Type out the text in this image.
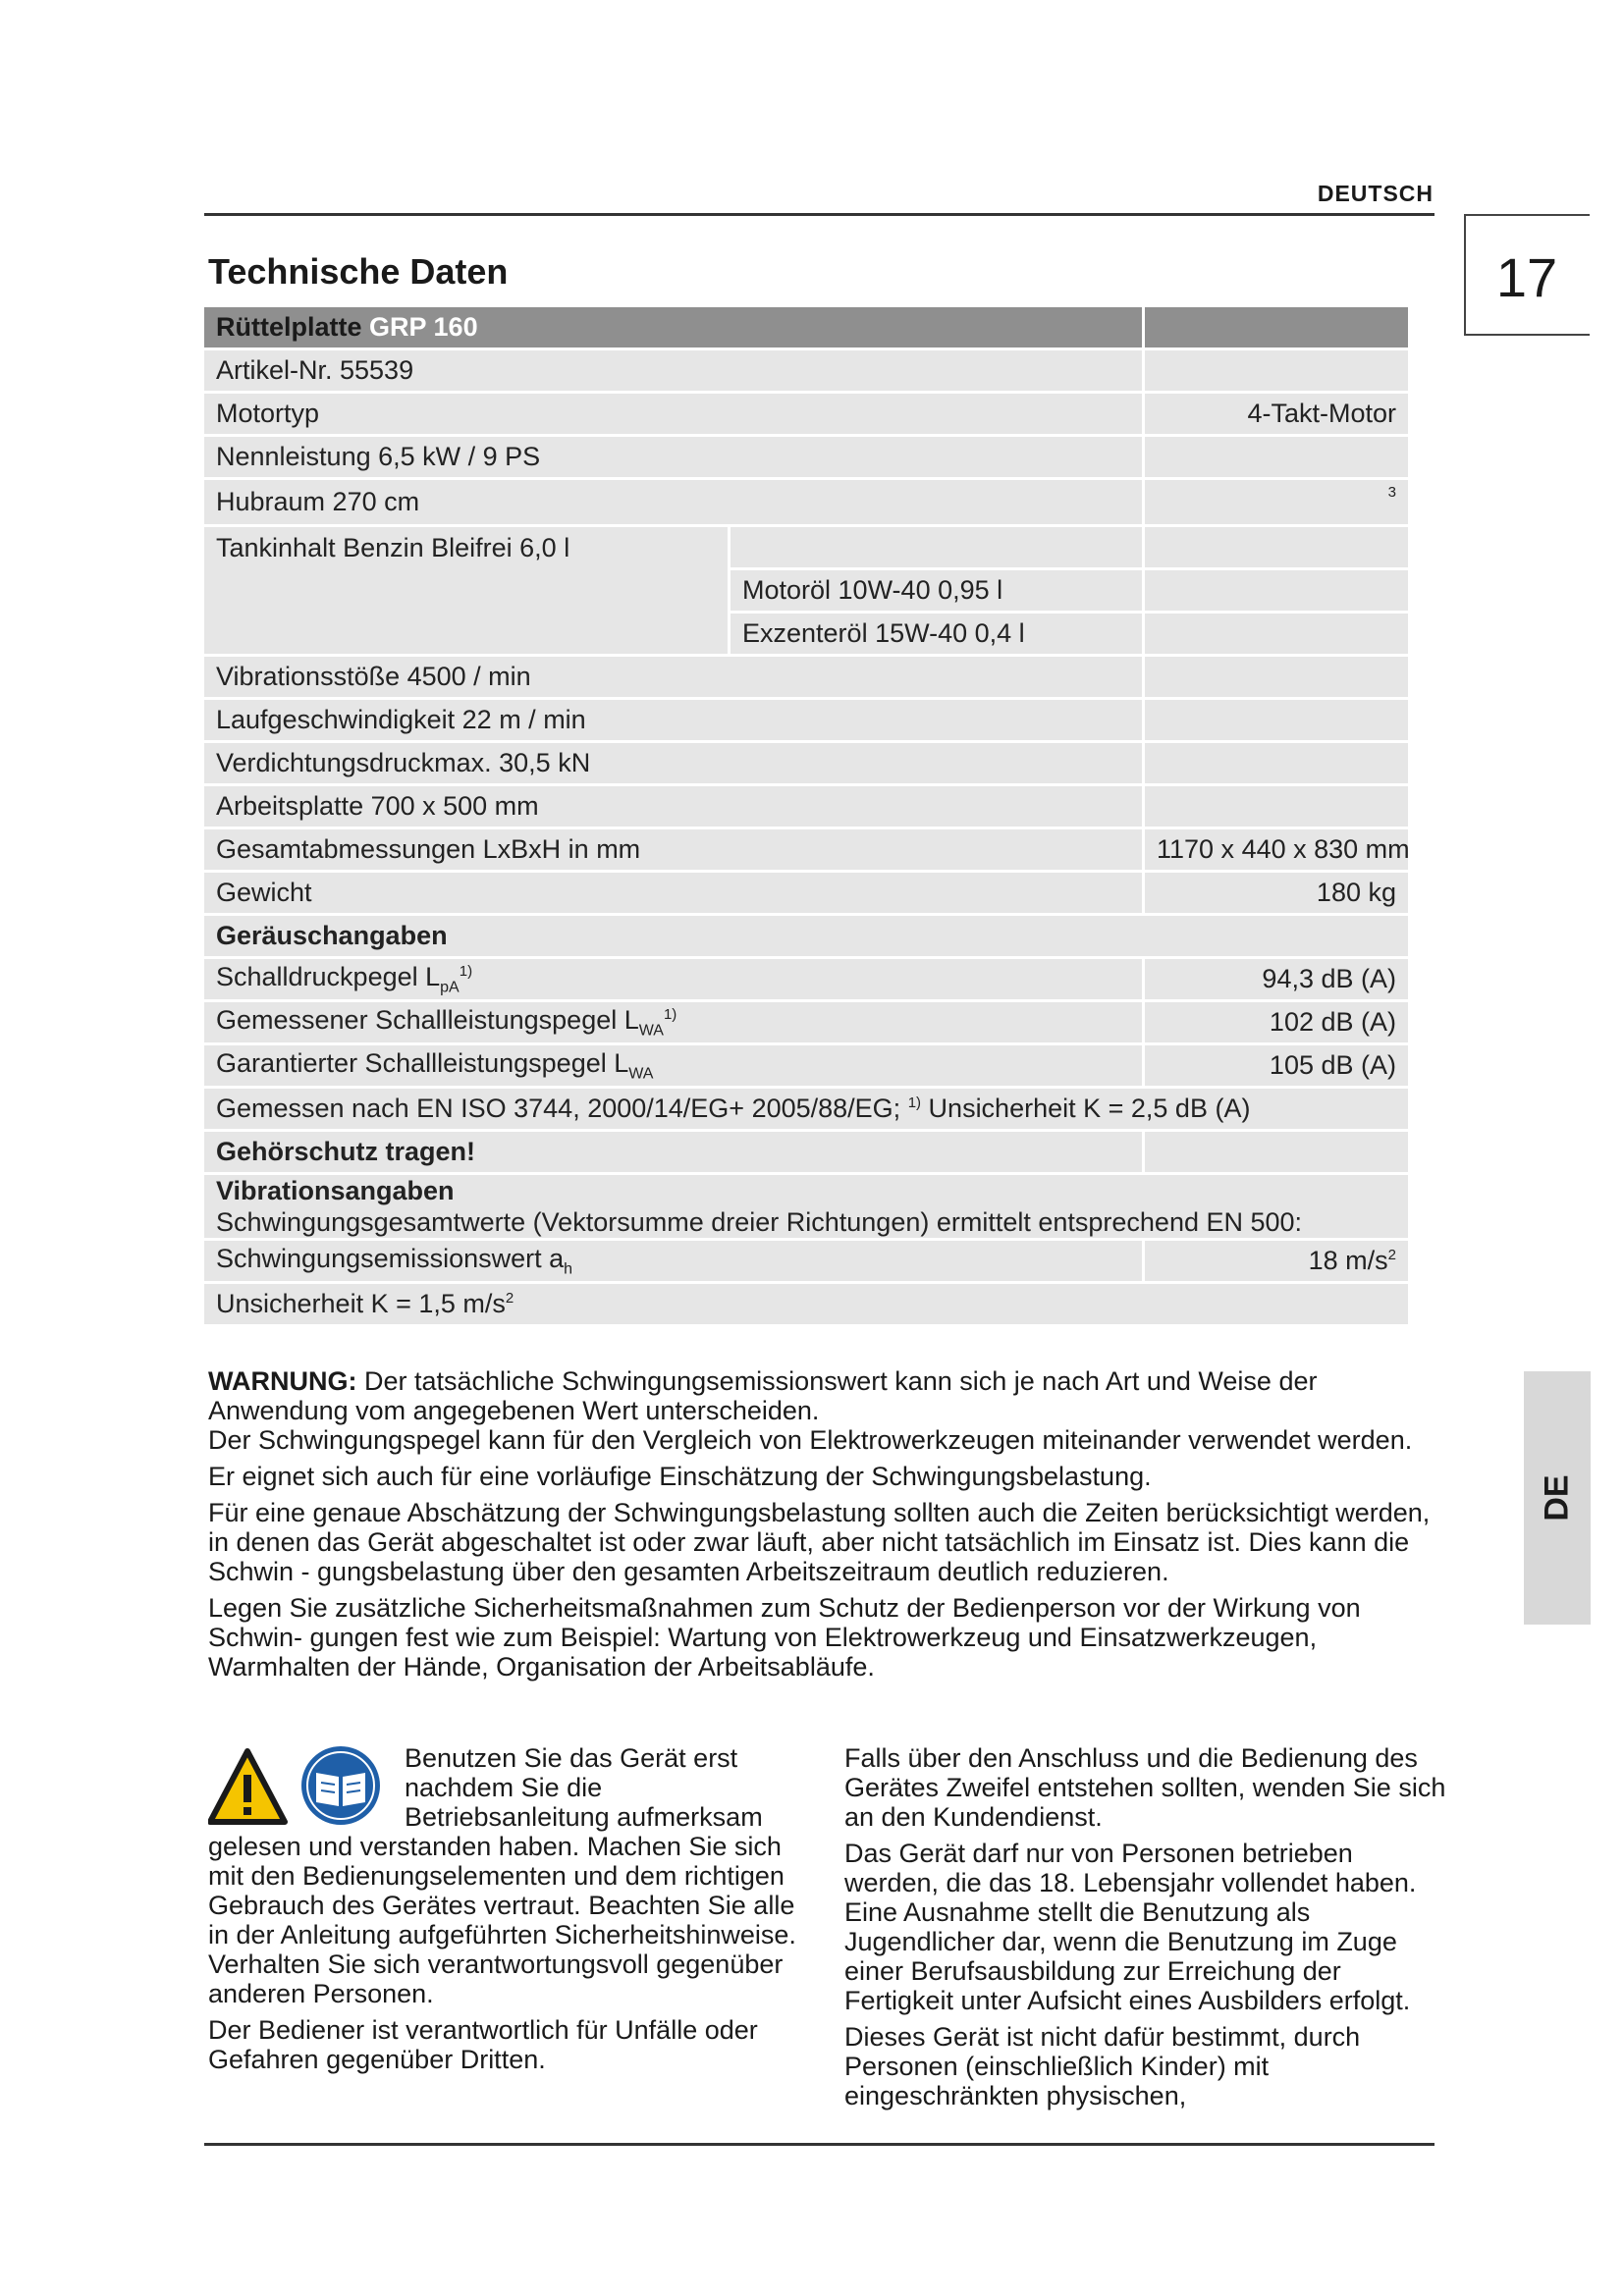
DEUTSCH
17
DE
Technische Daten
Rüttelplatte GRP 160		
Artikel-Nr. 55539		
Motortyp		4-Takt-Motor
Nennleistung 6,5 kW / 9 PS		
Hubraum 270 cm		3
Tankinhalt Benzin Bleifrei 6,0 l		
	Motoröl 10W-40 0,95 l	
	Exzenteröl 15W-40 0,4 l	
Vibrationsstöße 4500 / min		
Laufgeschwindigkeit 22 m / min		
Verdichtungsdruckmax. 30,5 kN		
Arbeitsplatte 700 x 500 mm		
Gesamtabmessungen LxBxH in mm		1170 x 440 x 830 mm
Gewicht		180 kg
Geräuschangaben		
Schalldruckpegel $L_{pA}^{1)}$		94,3 dB (A)
Gemessener Schallleistungspegel $L_{WA}^{1)}$		102 dB (A)
Garantierter Schallleistungspegel $L_{WA}$		105 dB (A)
Gemessen nach EN ISO 3744, 2000/14/EG+ 2005/88/EG; $^{1)}$ Unsicherheit K = 2,5 dB (A)		
Gehörschutz tragen!		

Vibrationsangaben
Schwingungsgesamtwerte (Vektorsumme dreier Richtungen) ermittelt entsprechend EN 500:		

Schwingungsemissionswert $a_h$		18 $m/s^2$
Unsicherheit K = 1,5 $m/s^2$

WARNUNG: Der tatsächliche Schwingungsemissionswert kann sich je nach Art und Weise der Anwendung vom angegebenen Wert unterscheiden.
Der Schwingungspegel kann für den Vergleich von Elektrowerkzeugen miteinander verwendet werden.

Er eignet sich auch für eine vorläufige Einschätzung der Schwingungsbelastung.

Für eine genaue Abschätzung der Schwingungsbelastung sollten auch die Zeiten berücksichtigt werden, in denen das Gerät abgeschaltet ist oder zwar läuft, aber nicht tatsächlich im Einsatz ist. Dies kann die Schwin - gungsbelastung über den gesamten Arbeitszeitraum deutlich reduzieren.

Legen Sie zusätzliche Sicherheitsmaßnahmen zum Schutz der Bedienperson vor der Wirkung von Schwin- gungen fest wie zum Beispiel: Wartung von Elektrowerkzeug und Einsatzwerkzeugen, Warmhalten der Hände, Organisation der Arbeitsabläufe.

Benutzen Sie das Gerät erst nachdem Sie die Betriebsanleitung aufmerksam gelesen und verstanden haben. Machen Sie sich mit den Bedienungselementen und dem richtigen Gebrauch des Gerätes vertraut. Beachten Sie alle in der Anleitung aufgeführten Sicherheitshinweise. Verhalten Sie sich verantwortungsvoll gegenüber anderen Personen.

Der Bediener ist verantwortlich für Unfälle oder Gefahren gegenüber Dritten.

Falls über den Anschluss und die Bedienung des Gerätes Zweifel entstehen sollten, wenden Sie sich an den Kundendienst.

Das Gerät darf nur von Personen betrieben werden, die das 18. Lebensjahr vollendet haben. Eine Ausnahme stellt die Benutzung als Jugendlicher dar, wenn die Benutzung im Zuge einer Berufsausbildung zur Erreichung der Fertigkeit unter Aufsicht eines Ausbilders erfolgt.

Dieses Gerät ist nicht dafür bestimmt, durch Personen (einschließlich Kinder) mit eingeschränkten physischen,
